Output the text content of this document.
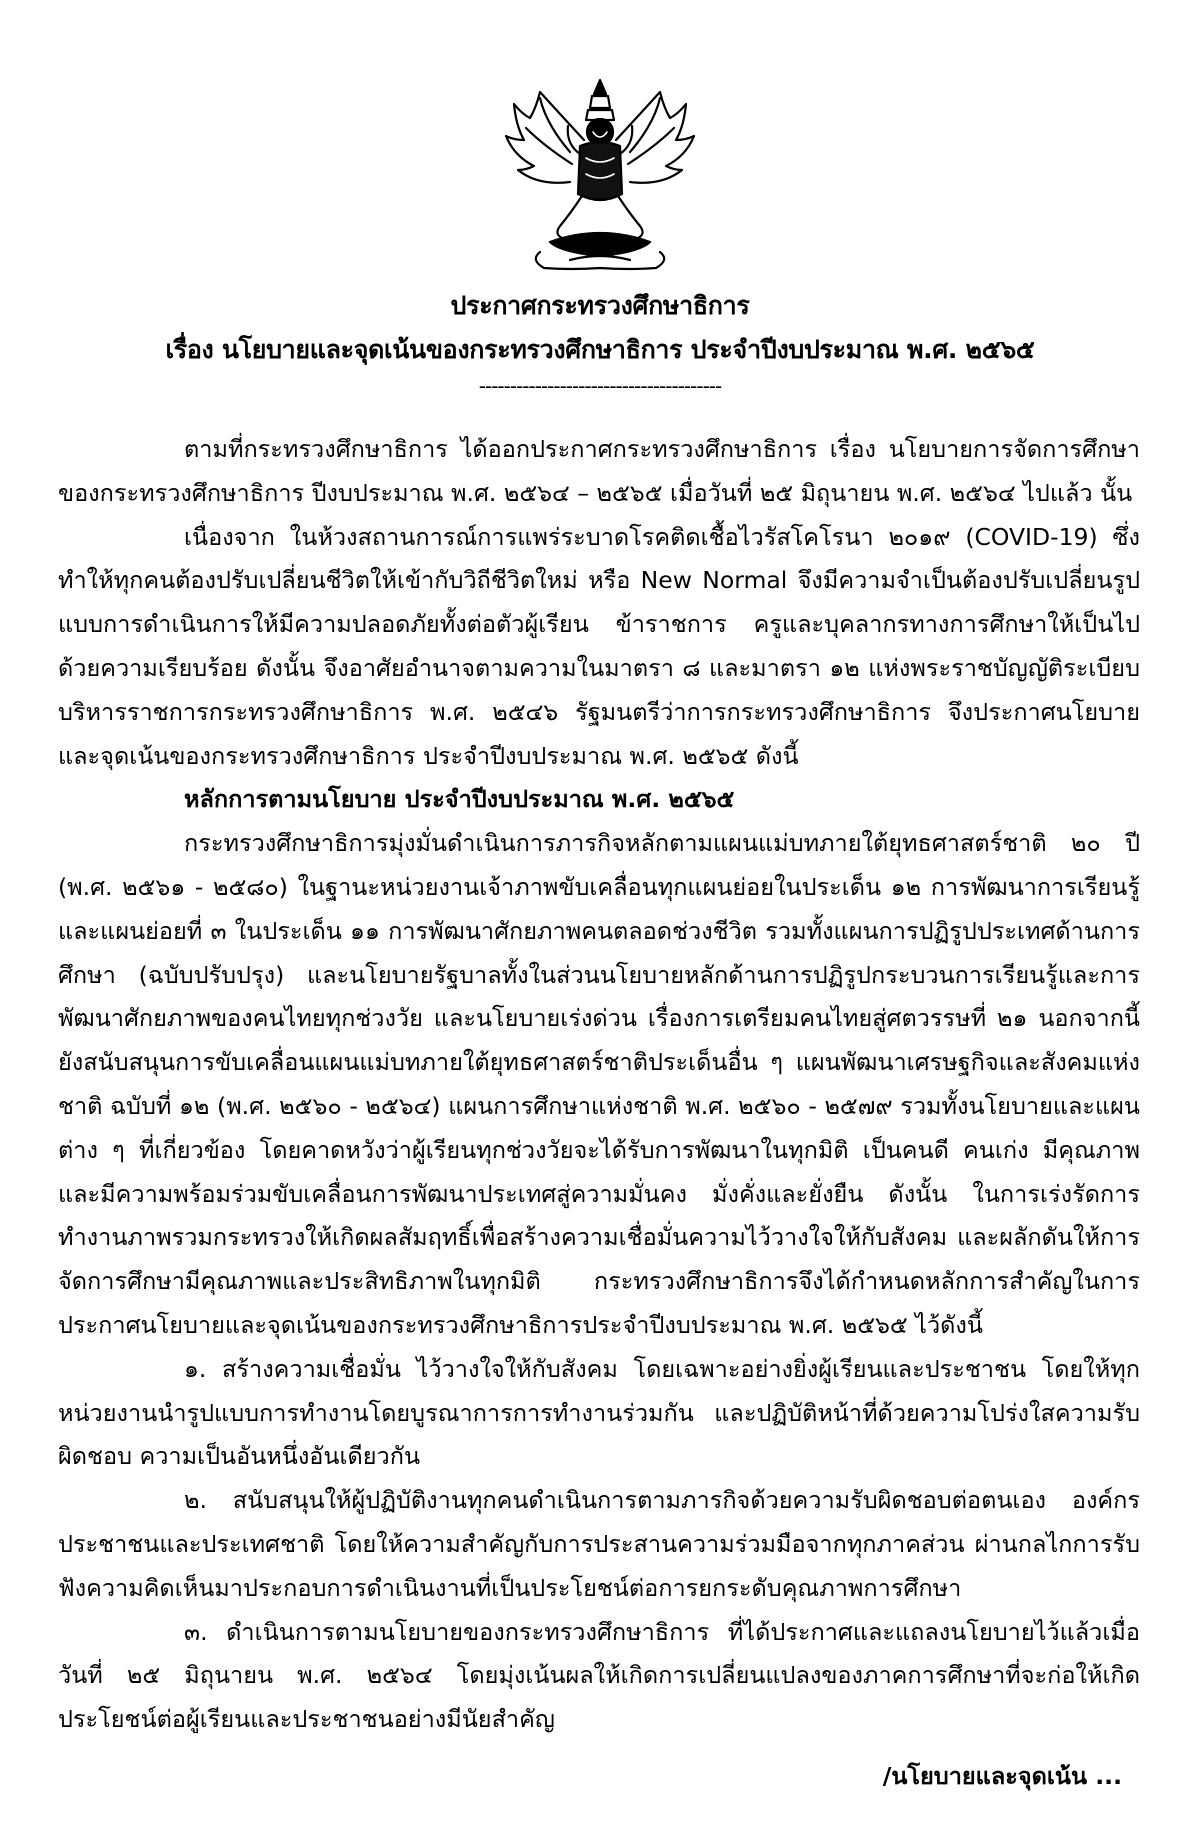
ประกาศกระทรวงศึกษาธิการ
เรื่อง นโยบายและจุดเน้นของกระทรวงศึกษาธิการ ประจำปีงบประมาณ พ.ศ. ๒๕๖๕
---------------------------------------

ตามที่กระทรวงศึกษาธิการ ได้ออกประกาศกระทรวงศึกษาธิการ เรื่อง นโยบายการจัดการศึกษาของกระทรวงศึกษาธิการ ปีงบประมาณ พ.ศ. ๒๕๖๔ – ๒๕๖๕ เมื่อวันที่ ๒๕ มิถุนายน พ.ศ. ๒๕๖๔ ไปแล้ว นั้น

เนื่องจาก ในห้วงสถานการณ์การแพร่ระบาดโรคติดเชื้อไวรัสโคโรนา ๒๐๑๙ (COVID-19) ซึ่งทำให้ทุกคนต้องปรับเปลี่ยนชีวิตให้เข้ากับวิถีชีวิตใหม่ หรือ New Normal จึงมีความจำเป็นต้องปรับเปลี่ยนรูปแบบการดำเนินการให้มีความปลอดภัยทั้งต่อตัวผู้เรียน ข้าราชการ ครูและบุคลากรทางการศึกษาให้เป็นไปด้วยความเรียบร้อย ดังนั้น จึงอาศัยอำนาจตามความในมาตรา ๘ และมาตรา ๑๒ แห่งพระราชบัญญัติระเบียบบริหารราชการกระทรวงศึกษาธิการ พ.ศ. ๒๕๔๖ รัฐมนตรีว่าการกระทรวงศึกษาธิการ จึงประกาศนโยบายและจุดเน้นของกระทรวงศึกษาธิการ ประจำปีงบประมาณ พ.ศ. ๒๕๖๕ ดังนี้

หลักการตามนโยบาย ประจำปีงบประมาณ พ.ศ. ๒๕๖๕

กระทรวงศึกษาธิการมุ่งมั่นดำเนินการภารกิจหลักตามแผนแม่บทภายใต้ยุทธศาสตร์ชาติ ๒๐ ปี (พ.ศ. ๒๕๖๑ - ๒๕๘๐) ในฐานะหน่วยงานเจ้าภาพขับเคลื่อนทุกแผนย่อยในประเด็น ๑๒ การพัฒนาการเรียนรู้และแผนย่อยที่ ๓ ในประเด็น ๑๑ การพัฒนาศักยภาพคนตลอดช่วงชีวิต รวมทั้งแผนการปฏิรูปประเทศด้านการศึกษา (ฉบับปรับปรุง) และนโยบายรัฐบาลทั้งในส่วนนโยบายหลักด้านการปฏิรูปกระบวนการเรียนรู้และการพัฒนาศักยภาพของคนไทยทุกช่วงวัย และนโยบายเร่งด่วน เรื่องการเตรียมคนไทยสู่ศตวรรษที่ ๒๑ นอกจากนี้ ยังสนับสนุนการขับเคลื่อนแผนแม่บทภายใต้ยุทธศาสตร์ชาติประเด็นอื่น ๆ แผนพัฒนาเศรษฐกิจและสังคมแห่งชาติ ฉบับที่ ๑๒ (พ.ศ. ๒๕๖๐ - ๒๕๖๔) แผนการศึกษาแห่งชาติ พ.ศ. ๒๕๖๐ - ๒๕๗๙ รวมทั้งนโยบายและแผนต่าง ๆ ที่เกี่ยวข้อง โดยคาดหวังว่าผู้เรียนทุกช่วงวัยจะได้รับการพัฒนาในทุกมิติ เป็นคนดี คนเก่ง มีคุณภาพ และมีความพร้อมร่วมขับเคลื่อนการพัฒนาประเทศสู่ความมั่นคง มั่งคั่งและยั่งยืน ดังนั้น ในการเร่งรัดการทำงานภาพรวมกระทรวงให้เกิดผลสัมฤทธิ์เพื่อสร้างความเชื่อมั่นความไว้วางใจให้กับสังคม และผลักดันให้การจัดการศึกษามีคุณภาพและประสิทธิภาพในทุกมิติ กระทรวงศึกษาธิการจึงได้กำหนดหลักการสำคัญในการประกาศนโยบายและจุดเน้นของกระทรวงศึกษาธิการประจำปีงบประมาณ พ.ศ. ๒๕๖๕ ไว้ดังนี้

๑. สร้างความเชื่อมั่น ไว้วางใจให้กับสังคม โดยเฉพาะอย่างยิ่งผู้เรียนและประชาชน โดยให้ทุกหน่วยงานนำรูปแบบการทำงานโดยบูรณาการการทำงานร่วมกัน และปฏิบัติหน้าที่ด้วยความโปร่งใสความรับผิดชอบ ความเป็นอันหนึ่งอันเดียวกัน

๒. สนับสนุนให้ผู้ปฏิบัติงานทุกคนดำเนินการตามภารกิจด้วยความรับผิดชอบต่อตนเอง องค์กรประชาชนและประเทศชาติ โดยให้ความสำคัญกับการประสานความร่วมมือจากทุกภาคส่วน ผ่านกลไกการรับฟังความคิดเห็นมาประกอบการดำเนินงานที่เป็นประโยชน์ต่อการยกระดับคุณภาพการศึกษา

๓. ดำเนินการตามนโยบายของกระทรวงศึกษาธิการ ที่ได้ประกาศและแถลงนโยบายไว้แล้วเมื่อวันที่ ๒๕ มิถุนายน พ.ศ. ๒๕๖๔ โดยมุ่งเน้นผลให้เกิดการเปลี่ยนแปลงของภาคการศึกษาที่จะก่อให้เกิดประโยชน์ต่อผู้เรียนและประชาชนอย่างมีนัยสำคัญ

/นโยบายและจุดเน้น ...
